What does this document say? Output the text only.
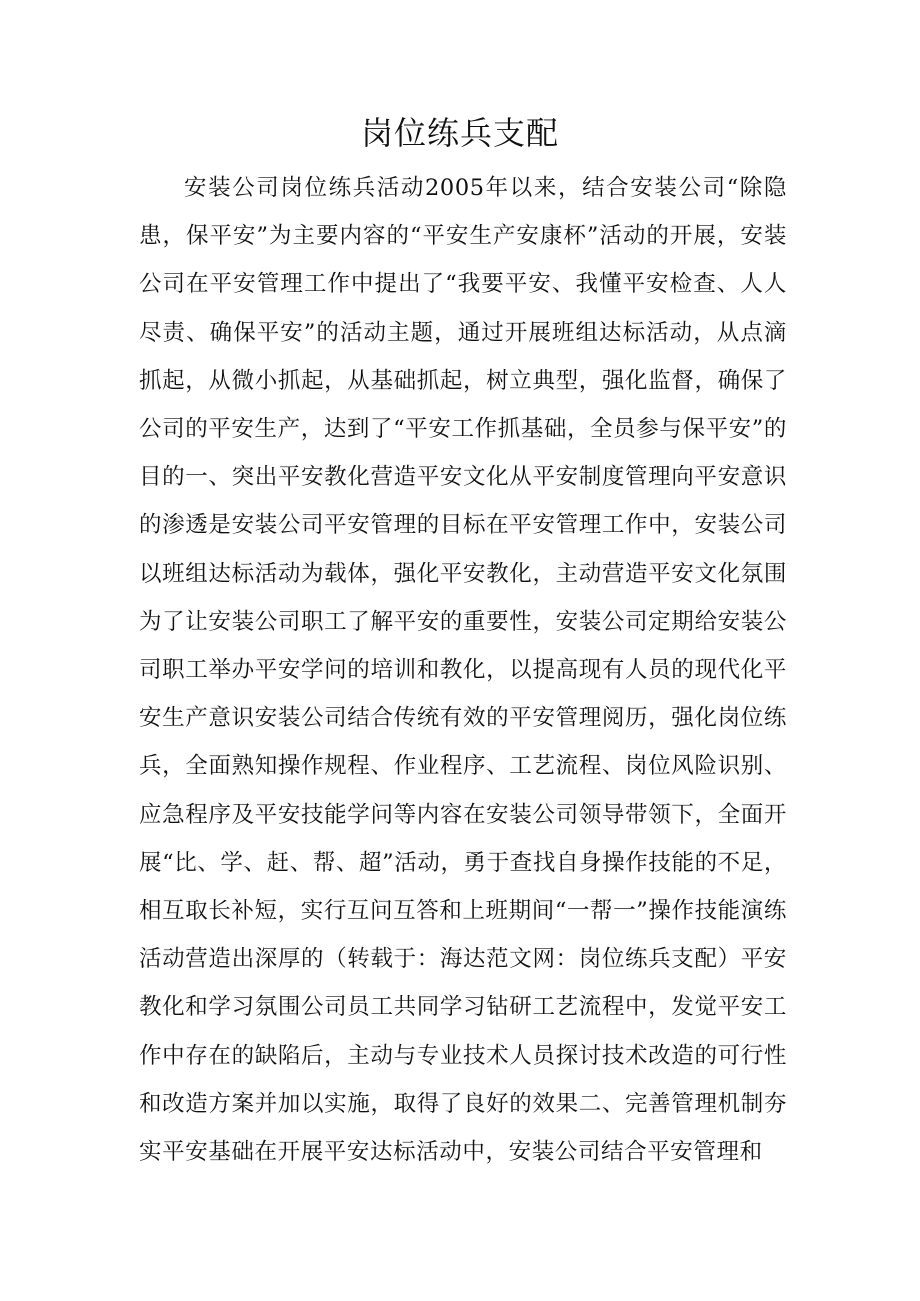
岗位练兵支配

安装公司岗位练兵活动2005年以来，结合安装公司“除隐患，保平安”为主要内容的“平安生产安康杯”活动的开展，安装公司在平安管理工作中提出了“我要平安、我懂平安检查、人人尽责、确保平安”的活动主题，通过开展班组达标活动，从点滴抓起，从微小抓起，从基础抓起，树立典型，强化监督，确保了公司的平安生产，达到了“平安工作抓基础，全员参与保平安”的目的一、突出平安教化营造平安文化从平安制度管理向平安意识的渗透是安装公司平安管理的目标在平安管理工作中，安装公司以班组达标活动为载体，强化平安教化，主动营造平安文化氛围为了让安装公司职工了解平安的重要性，安装公司定期给安装公司职工举办平安学问的培训和教化，以提高现有人员的现代化平安生产意识安装公司结合传统有效的平安管理阅历，强化岗位练兵，全面熟知操作规程、作业程序、工艺流程、岗位风险识别、应急程序及平安技能学问等内容在安装公司领导带领下，全面开展“比、学、赶、帮、超”活动，勇于查找自身操作技能的不足，相互取长补短，实行互问互答和上班期间“一帮一”操作技能演练活动营造出深厚的（转载于：海达范文网：岗位练兵支配）平安教化和学习氛围公司员工共同学习钻研工艺流程中，发觉平安工作中存在的缺陷后，主动与专业技术人员探讨技术改造的可行性和改造方案并加以实施，取得了良好的效果二、完善管理机制夯实平安基础在开展平安达标活动中，安装公司结合平安管理和
